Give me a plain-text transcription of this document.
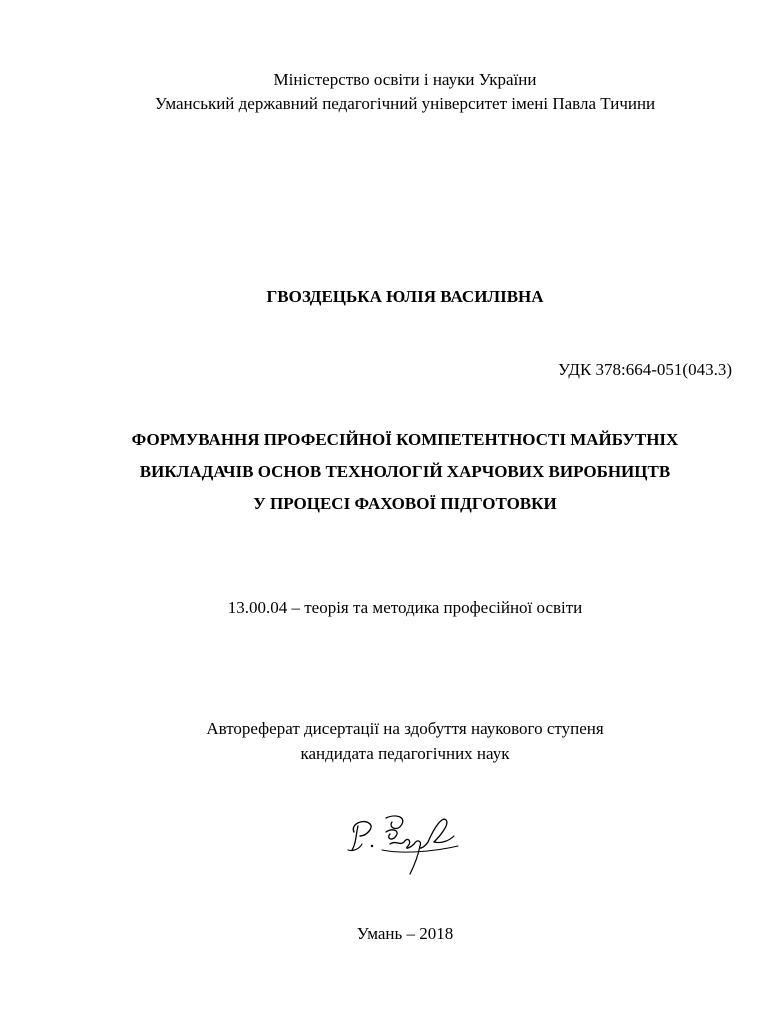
Міністерство освіти і науки України
Уманський державний педагогічний університет імені Павла Тичини
ГВОЗДЕЦЬКА ЮЛІЯ ВАСИЛІВНА
УДК 378:664-051(043.3)
ФОРМУВАННЯ ПРОФЕСІЙНОЇ КОМПЕТЕНТНОСТІ МАЙБУТНІХ
ВИКЛАДАЧІВ ОСНОВ ТЕХНОЛОГІЙ ХАРЧОВИХ ВИРОБНИЦТВ
У ПРОЦЕСІ ФАХОВОЇ ПІДГОТОВКИ
13.00.04 – теорія та методика професійної освіти
Автореферат дисертації на здобуття наукового ступеня
кандидата педагогічних наук
Умань – 2018
